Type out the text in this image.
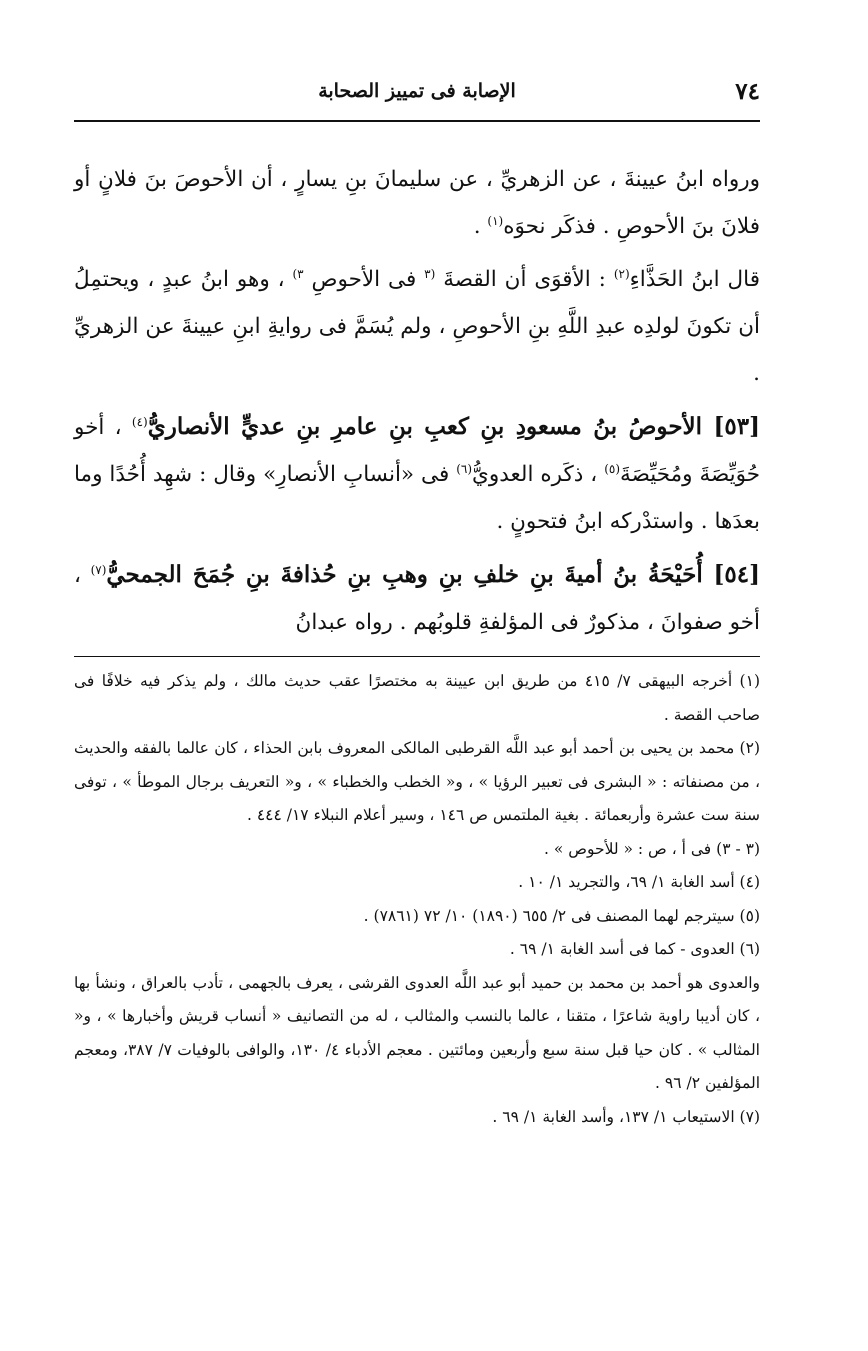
٧٤
الإصابة فى تمييز الصحابة

ورواه ابنُ عيينةَ ، عن الزهريِّ ، عن سليمانَ بنِ يسارٍ ، أن الأحوصَ بنَ فلانٍ أو فلانَ بنَ الأحوصِ . فذكَر نحوَه$^{(١)}$ .

قال ابنُ الحَذَّاءِ$^{(٢)}$ : الأقوَى أن القصةَ $^{(٣}$ فى الأحوصِ $^{٣)}$ ، وهو ابنُ عبدٍ ، ويحتمِلُ أن تكونَ لولدِه عبدِ اللَّهِ بنِ الأحوصِ ، ولم يُسَمَّ فى روايةِ ابنِ عيينةَ عن الزهريِّ .

[٥٣] الأحوصُ بنُ مسعودِ بنِ كعبِ بنِ عامرِ بنِ عديٍّ الأنصاريُّ$^{(٤)}$ ، أخو حُوَيِّصَةَ ومُحَيِّصَةَ$^{(٥)}$ ، ذكَره العدويُّ$^{(٦)}$ فى «أنسابِ الأنصارِ» وقال : شهِد أُحُدًا وما بعدَها . واستدْركه ابنُ فتحونٍ .

[٥٤] أُحَيْحَةُ بنُ أميةَ بنِ خلفِ بنِ وهبِ بنِ حُذافةَ بنِ جُمَحَ الجمحيُّ$^{(٧)}$ ، أخو صفوانَ ، مذكورٌ فى المؤلفةِ قلوبُهم . رواه عبدانُ

(١) أخرجه البيهقى ٧/ ٤١٥ من طريق ابن عيينة به مختصرًا عقب حديث مالك ، ولم يذكر فيه خلافًا فى صاحب القصة .

(٢) محمد بن يحيى بن أحمد أبو عبد اللَّه القرطبى المالكى المعروف بابن الحذاء ، كان عالما بالفقه والحديث ، من مصنفاته : « البشرى فى تعبير الرؤيا » ، و« الخطب والخطباء » ، و« التعريف برجال الموطأ » ، توفى سنة ست عشرة وأربعمائة . بغية الملتمس ص ١٤٦ ، وسير أعلام النبلاء ١٧/ ٤٤٤ .

(٣ - ٣) فى أ ، ص : « للأحوص » .

(٤) أسد الغابة ١/ ٦٩، والتجريد ١/ ١٠ .

(٥) سيترجم لهما المصنف فى ٢/ ٦٥٥ (١٨٩٠) ١٠/ ٧٢ (٧٨٦١) .

(٦) العدوى - كما فى أسد الغابة ١/ ٦٩ .

والعدوى هو أحمد بن محمد بن حميد أبو عبد اللَّه العدوى القرشى ، يعرف بالجهمى ، تأدب بالعراق ، ونشأ بها ، كان أديبا راوية شاعرًا ، متقنا ، عالما بالنسب والمثالب ، له من التصانيف « أنساب قريش وأخبارها » ، و« المثالب » . كان حيا قبل سنة سبع وأربعين ومائتين . معجم الأدباء ٤/ ١٣٠، والوافى بالوفيات ٧/ ٣٨٧، ومعجم المؤلفين ٢/ ٩٦ .

(٧) الاستيعاب ١/ ١٣٧، وأسد الغابة ١/ ٦٩ .
